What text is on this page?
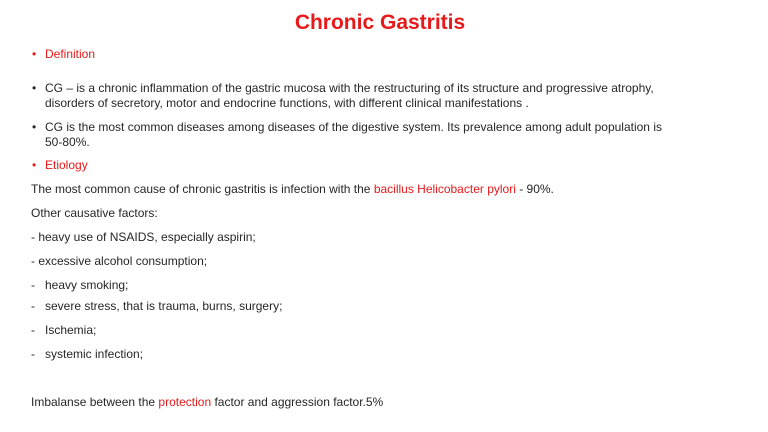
Chronic Gastritis
• Definition
• CG – is a chronic inflammation of the gastric mucosa with the restructuring of its structure and progressive atrophy,
disorders of secretory, motor and endocrine functions, with different clinical manifestations .
• CG is the most common diseases among diseases of the digestive system. Its prevalence among adult population is
50-80%.
• Etiology
The most common cause of chronic gastritis is infection with the bacillus Helicobacter pylori - 90%.
Other causative factors:
- heavy use of NSAIDS, especially aspirin;
- excessive alcohol consumption;
-   heavy smoking;
-   severe stress, that is trauma, burns, surgery;
-   Ischemia;
-   systemic infection;
Imbalanse between the protection factor and aggression factor.5%
